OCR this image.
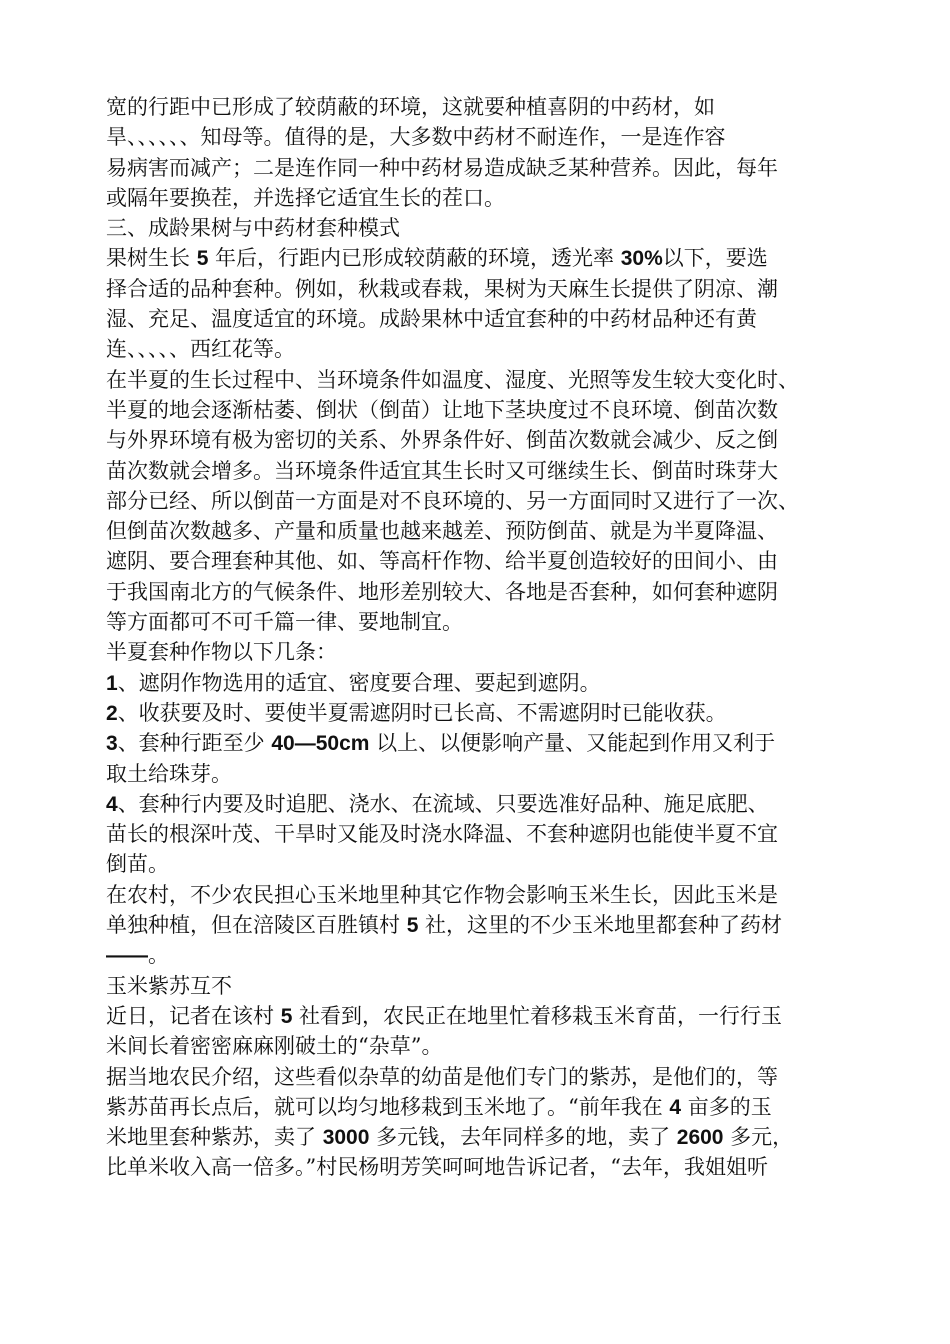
宽的行距中已形成了较荫蔽的环境，这就要种植喜阴的中药材，如
旱、、、、、、知母等。值得的是，大多数中药材不耐连作，一是连作容
易病害而减产；二是连作同一种中药材易造成缺乏某种营养。因此，每年
或隔年要换茬，并选择它适宜生长的茬口。
三、成龄果树与中药材套种模式
果树生长 5 年后，行距内已形成较荫蔽的环境，透光率 30%以下，要选
择合适的品种套种。例如，秋栽或春栽，果树为天麻生长提供了阴凉、潮
湿、充足、温度适宜的环境。成龄果林中适宜套种的中药材品种还有黄
连、、、、、西红花等。
在半夏的生长过程中、当环境条件如温度、湿度、光照等发生较大变化时、
半夏的地会逐渐枯萎、倒状（倒苗）让地下茎块度过不良环境、倒苗次数
与外界环境有极为密切的关系、外界条件好、倒苗次数就会减少、反之倒
苗次数就会增多。当环境条件适宜其生长时又可继续生长、倒苗时珠芽大
部分已经、所以倒苗一方面是对不良环境的、另一方面同时又进行了一次、
但倒苗次数越多、产量和质量也越来越差、预防倒苗、就是为半夏降温、
遮阴、要合理套种其他、如、等高杆作物、给半夏创造较好的田间小、由
于我国南北方的气候条件、地形差别较大、各地是否套种，如何套种遮阴
等方面都可不可千篇一律、要地制宜。
半夏套种作物以下几条：
1、遮阴作物选用的适宜、密度要合理、要起到遮阴。
2、收获要及时、要使半夏需遮阴时已长高、不需遮阴时已能收获。
3、套种行距至少 40—50cm 以上、以便影响产量、又能起到作用又利于
取土给珠芽。
4、套种行内要及时追肥、浇水、在流域、只要选准好品种、施足底肥、
苗长的根深叶茂、干旱时又能及时浇水降温、不套种遮阴也能使半夏不宜
倒苗。
在农村，不少农民担心玉米地里种其它作物会影响玉米生长，因此玉米是
单独种植，但在涪陵区百胜镇村 5 社，这里的不少玉米地里都套种了药材
——。
玉米紫苏互不
近日，记者在该村 5 社看到，农民正在地里忙着移栽玉米育苗，一行行玉
米间长着密密麻麻刚破土的“杂草”。
据当地农民介绍，这些看似杂草的幼苗是他们专门的紫苏，是他们的，等
紫苏苗再长点后，就可以均匀地移栽到玉米地了。“前年我在 4 亩多的玉
米地里套种紫苏，卖了 3000 多元钱，去年同样多的地，卖了 2600 多元，
比单米收入高一倍多。”村民杨明芳笑呵呵地告诉记者，“去年，我姐姐听
